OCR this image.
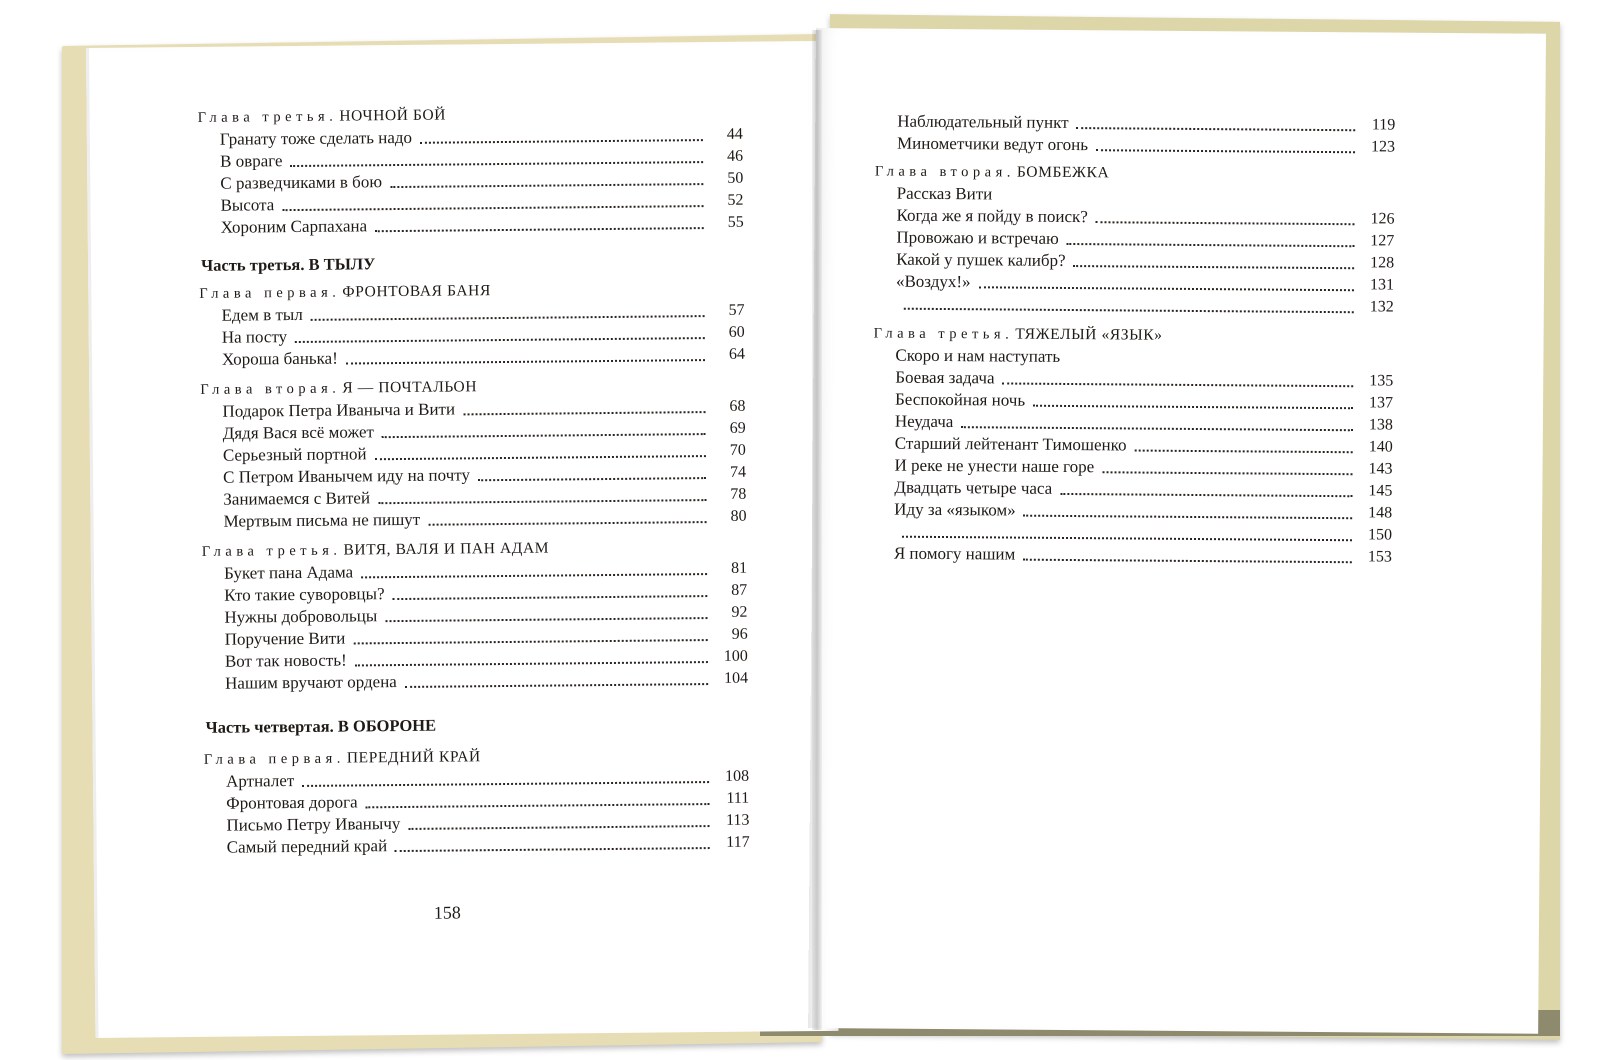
Глава третья. НОЧНОЙ БОЙ
Гранату тоже сделать надо	44
В овраге	46
С разведчиками в бою	50
Высота	52
Хороним Сарпахана	55
Часть третья. В ТЫЛУ
Глава первая. ФРОНТОВАЯ БАНЯ
Едем в тыл	57
На посту	60
Хороша банька!	64
Глава вторая. Я — ПОЧТАЛЬОН
Подарок Петра Иваныча и Вити	68
Дядя Вася всё может	69
Серьезный портной	70
С Петром Иванычем иду на почту	74
Занимаемся с Витей	78
Мертвым письма не пишут	80
Глава третья. ВИТЯ, ВАЛЯ И ПАН АДАМ
Букет пана Адама	81
Кто такие суворовцы?	87
Нужны добровольцы	92
Поручение Вити	96
Вот так новость!	100
Нашим вручают ордена	104
Часть четвертая. В ОБОРОНЕ
Глава первая. ПЕРЕДНИЙ КРАЙ
Артналет	108
Фронтовая дорога	111
Письмо Петру Иванычу	113
Самый передний край	117
158
Наблюдательный пункт	119
Минометчики ведут огонь	123
Глава вторая. БОМБЕЖКА
Рассказ Вити
Когда же я пойду в поиск?	126
Провожаю и встречаю	127
Какой у пушек калибр?	128
«Воздух!»	131
132
Глава третья. ТЯЖЕЛЫЙ «ЯЗЫК»
Скоро и нам наступать
Боевая задача	135
Беспокойная ночь	137
Неудача	138
Старший лейтенант Тимошенко	140
И реке не унести наше горе	143
Двадцать четыре часа	145
Иду за «языком»	148
150
Я помогу нашим	153
